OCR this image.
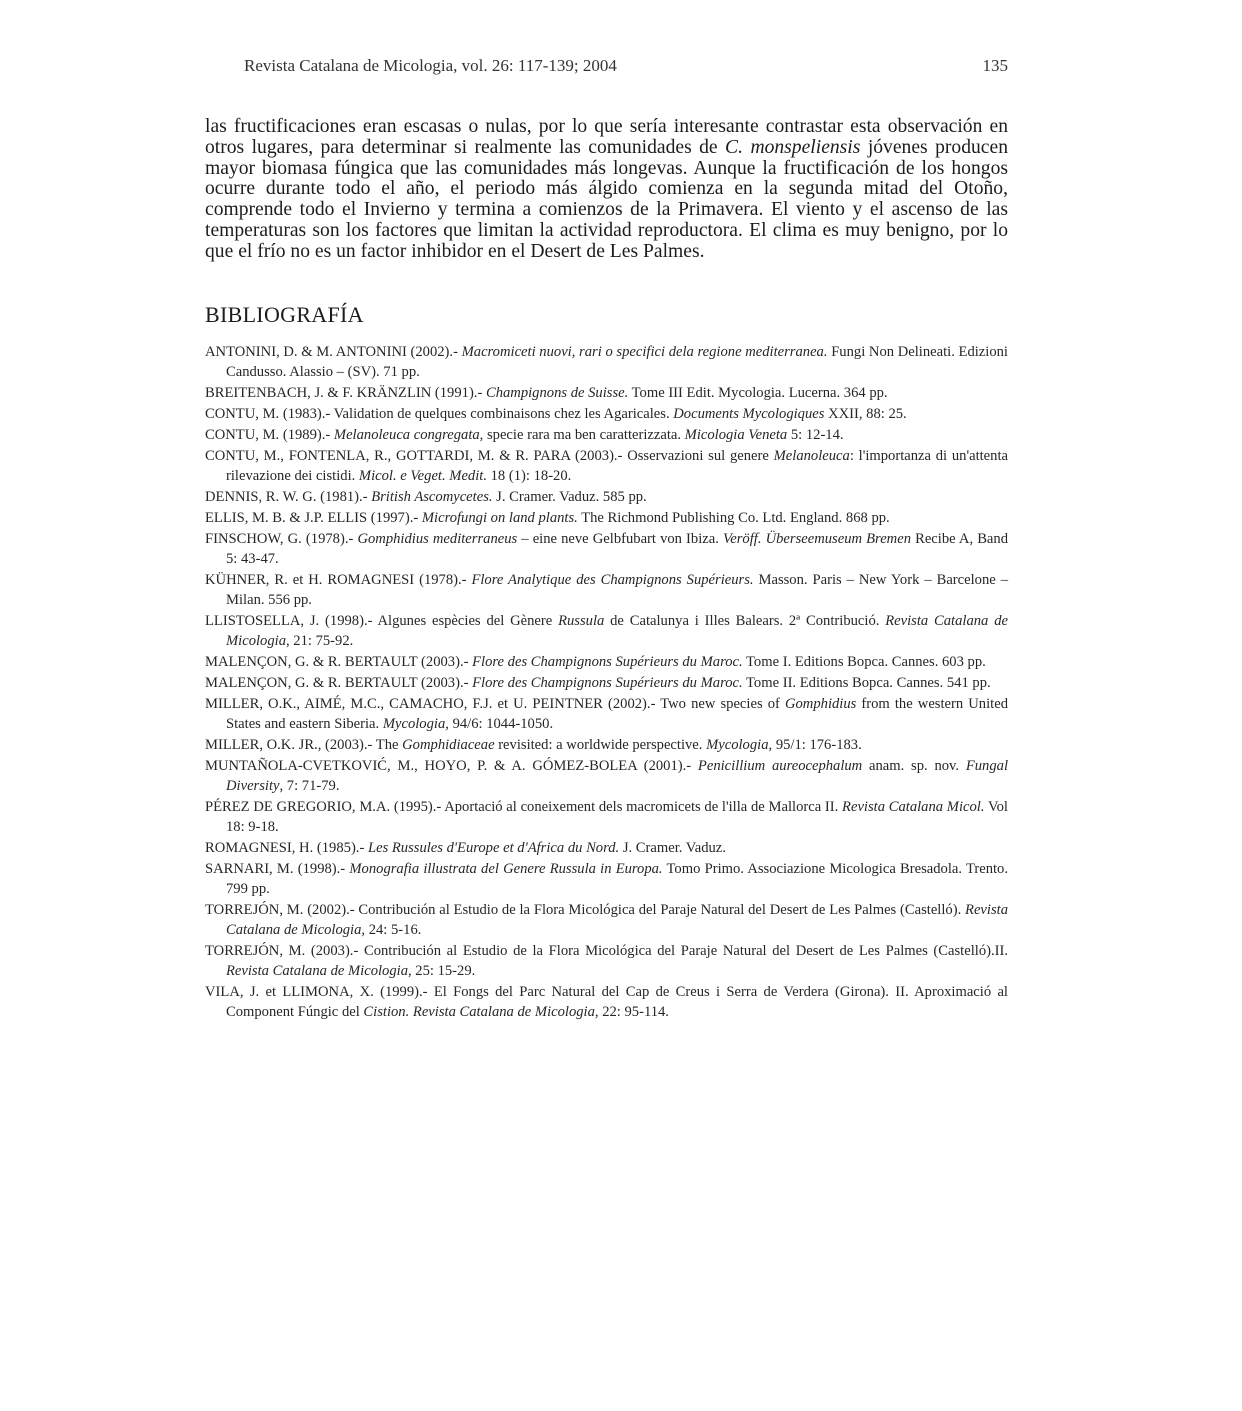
Revista Catalana de Micologia, vol. 26: 117-139; 2004	135

las fructificaciones eran escasas o nulas, por lo que sería interesante contrastar esta observación en otros lugares, para determinar si realmente las comunidades de C. monspeliensis jóvenes producen mayor biomasa fúngica que las comunidades más longevas. Aunque la fructificación de los hongos ocurre durante todo el año, el periodo más álgido comienza en la segunda mitad del Otoño, comprende todo el Invierno y termina a comienzos de la Primavera. El viento y el ascenso de las temperaturas son los factores que limitan la actividad reproductora. El clima es muy benigno, por lo que el frío no es un factor inhibidor en el Desert de Les Palmes.

BIBLIOGRAFÍA
ANTONINI, D. & M. ANTONINI (2002).- Macromiceti nuovi, rari o specifici dela regione mediterranea. Fungi Non Delineati. Edizioni Candusso. Alassio – (SV). 71 pp.
BREITENBACH, J. & F. KRÄNZLIN (1991).- Champignons de Suisse. Tome III Edit. Mycologia. Lucerna. 364 pp.
CONTU, M. (1983).- Validation de quelques combinaisons chez les Agaricales. Documents Mycologiques XXII, 88: 25.
CONTU, M. (1989).- Melanoleuca congregata, specie rara ma ben caratterizzata. Micologia Veneta 5: 12-14.
CONTU, M., FONTENLA, R., GOTTARDI, M. & R. PARA (2003).- Osservazioni sul genere Melanoleuca: l'importanza di un'attenta rilevazione dei cistidi. Micol. e Veget. Medit. 18 (1): 18-20.
DENNIS, R. W. G. (1981).- British Ascomycetes. J. Cramer. Vaduz. 585 pp.
ELLIS, M. B. & J.P. ELLIS (1997).- Microfungi on land plants. The Richmond Publishing Co. Ltd. England. 868 pp.
FINSCHOW, G. (1978).- Gomphidius mediterraneus – eine neve Gelbfubart von Ibiza. Veröff. Überseemuseum Bremen Recibe A, Band 5: 43-47.
KÜHNER, R. et H. ROMAGNESI (1978).- Flore Analytique des Champignons Supérieurs. Masson. Paris – New York – Barcelone – Milan. 556 pp.
LLISTOSELLA, J. (1998).- Algunes espècies del Gènere Russula de Catalunya i Illes Balears. 2ª Contribució. Revista Catalana de Micologia, 21: 75-92.
MALENÇON, G. & R. BERTAULT (2003).- Flore des Champignons Supérieurs du Maroc. Tome I. Editions Bopca. Cannes. 603 pp.
MALENÇON, G. & R. BERTAULT (2003).- Flore des Champignons Supérieurs du Maroc. Tome II. Editions Bopca. Cannes. 541 pp.
MILLER, O.K., AIMÉ, M.C., CAMACHO, F.J. et U. PEINTNER (2002).- Two new species of Gomphidius from the western United States and eastern Siberia. Mycologia, 94/6: 1044-1050.
MILLER, O.K. JR., (2003).- The Gomphidiaceae revisited: a worldwide perspective. Mycologia, 95/1: 176-183.
MUNTAÑOLA-CVETKOVIĆ, M., HOYO, P. & A. GÓMEZ-BOLEA (2001).- Penicillium aureocephalum anam. sp. nov. Fungal Diversity, 7: 71-79.
PÉREZ DE GREGORIO, M.A. (1995).- Aportació al coneixement dels macromicets de l'illa de Mallorca II. Revista Catalana Micol. Vol 18: 9-18.
ROMAGNESI, H. (1985).- Les Russules d'Europe et d'Africa du Nord. J. Cramer. Vaduz.
SARNARI, M. (1998).- Monografia illustrata del Genere Russula in Europa. Tomo Primo. Associazione Micologica Bresadola. Trento. 799 pp.
TORREJÓN, M. (2002).- Contribución al Estudio de la Flora Micológica del Paraje Natural del Desert de Les Palmes (Castelló). Revista Catalana de Micologia, 24: 5-16.
TORREJÓN, M. (2003).- Contribución al Estudio de la Flora Micológica del Paraje Natural del Desert de Les Palmes (Castelló).II. Revista Catalana de Micologia, 25: 15-29.
VILA, J. et LLIMONA, X. (1999).- El Fongs del Parc Natural del Cap de Creus i Serra de Verdera (Girona). II. Aproximació al Component Fúngic del Cistion. Revista Catalana de Micologia, 22: 95-114.
